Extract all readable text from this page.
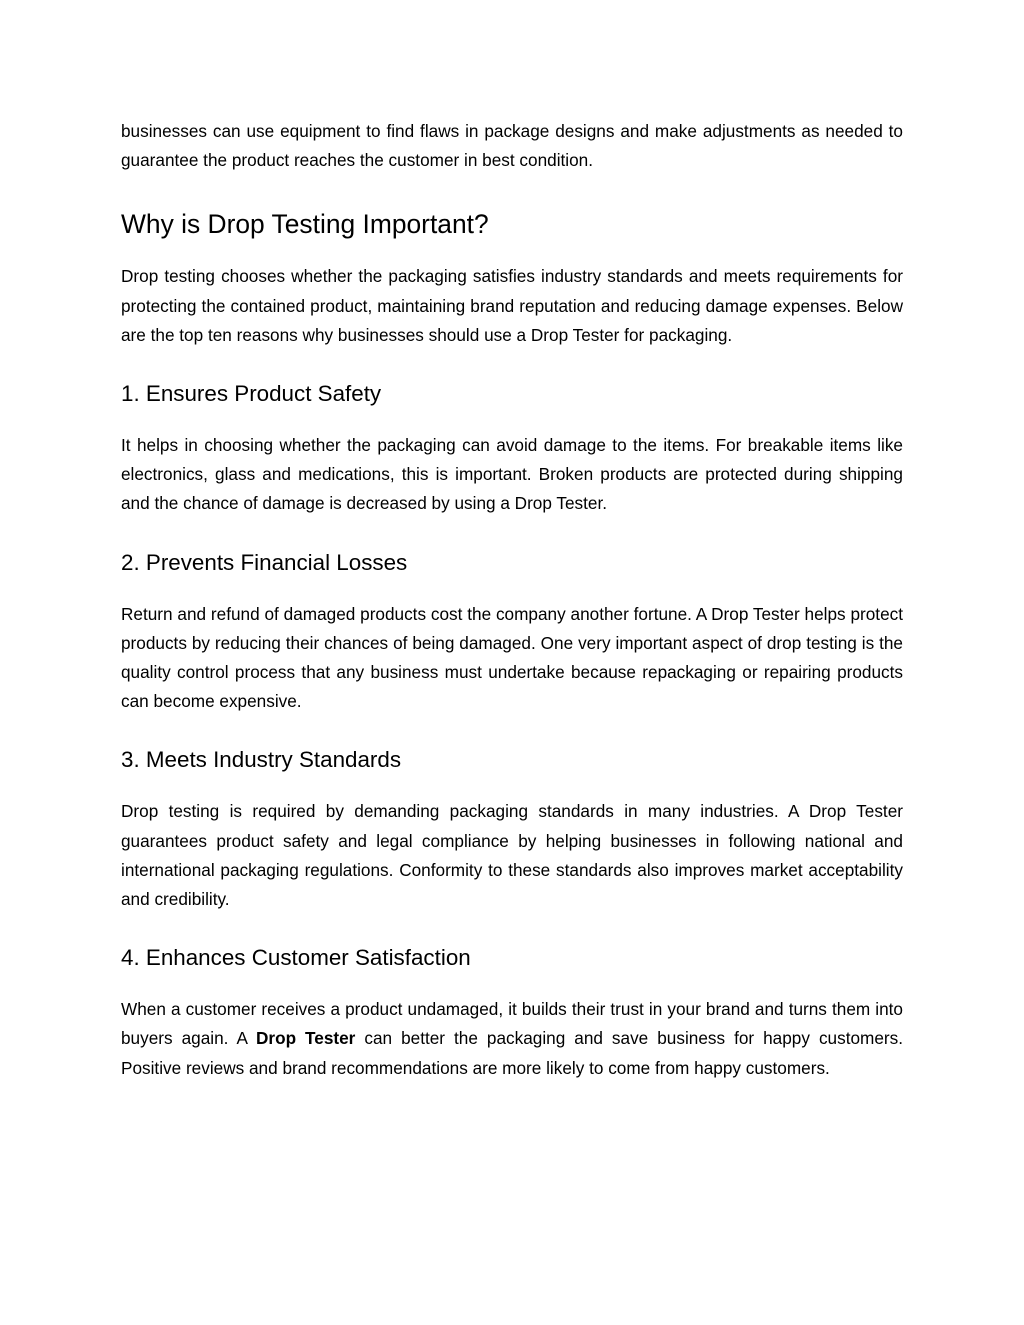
businesses can use equipment to find flaws in package designs and make adjustments as needed to guarantee the product reaches the customer in best condition.

Why is Drop Testing Important?

Drop testing chooses whether the packaging satisfies industry standards and meets requirements for protecting the contained product, maintaining brand reputation and reducing damage expenses. Below are the top ten reasons why businesses should use a Drop Tester for packaging.

1. Ensures Product Safety

It helps in choosing whether the packaging can avoid damage to the items. For breakable items like electronics, glass and medications, this is important. Broken products are protected during shipping and the chance of damage is decreased by using a Drop Tester.

2. Prevents Financial Losses

Return and refund of damaged products cost the company another fortune. A Drop Tester helps protect products by reducing their chances of being damaged. One very important aspect of drop testing is the quality control process that any business must undertake because repackaging or repairing products can become expensive.

3. Meets Industry Standards

Drop testing is required by demanding packaging standards in many industries. A Drop Tester guarantees product safety and legal compliance by helping businesses in following national and international packaging regulations. Conformity to these standards also improves market acceptability and credibility.

4. Enhances Customer Satisfaction

When a customer receives a product undamaged, it builds their trust in your brand and turns them into buyers again. A Drop Tester can better the packaging and save business for happy customers. Positive reviews and brand recommendations are more likely to come from happy customers.
